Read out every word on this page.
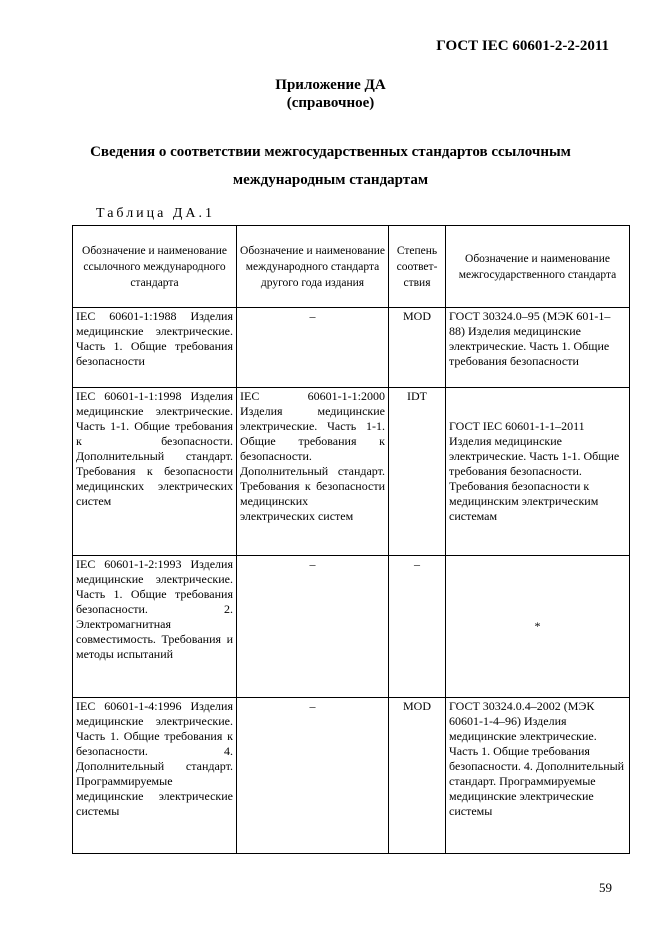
ГОСТ IEC 60601-2-2-2011
Приложение ДА
(справочное)
Сведения о соответствии межгосударственных стандартов ссылочным
международным стандартам
Таблица ДА.1
Обозначение и наименование ссылочного международного стандарта	Обозначение и наименование международного стандарта другого года издания	Степень соответ-ствия	Обозначение и наименование межгосударственного стандарта
IEC 60601-1:1988 Изделия медицинские электрические. Часть 1. Общие требования безопасности	–	MOD	ГОСТ 30324.0–95 (МЭК 601-1–88) Изделия медицинские электрические. Часть 1. Общие требования безопасности
IEC 60601-1-1:1998 Изделия медицинские электрические. Часть 1-1. Общие требования к безопасности. Дополнительный стандарт. Требования к безопасности медицинских электрических систем	IEC 60601-1-1:2000 Изделия медицинские электрические. Часть 1-1. Общие требования к безопасности. Дополнительный стандарт. Требования к безопасности медицинских электрических систем	IDT	ГОСТ IEC 60601-1-1–2011 Изделия медицинские электрические. Часть 1-1. Общие требования безопасности. Требования безопасности к медицинским электрическим системам
IEC 60601-1-2:1993 Изделия медицинские электрические. Часть 1. Общие требования безопасности. 2. Электромагнитная совместимость. Требования и методы испытаний	–	–	*
IEC 60601-1-4:1996 Изделия медицинские электрические. Часть 1. Общие требования к безопасности. 4. Дополнительный стандарт. Программируемые медицинские электрические системы	–	MOD	ГОСТ 30324.0.4–2002 (МЭК 60601-1-4–96) Изделия медицинские электрические. Часть 1. Общие требования безопасности. 4. Дополнительный стандарт. Программируемые медицинские электрические системы
59
